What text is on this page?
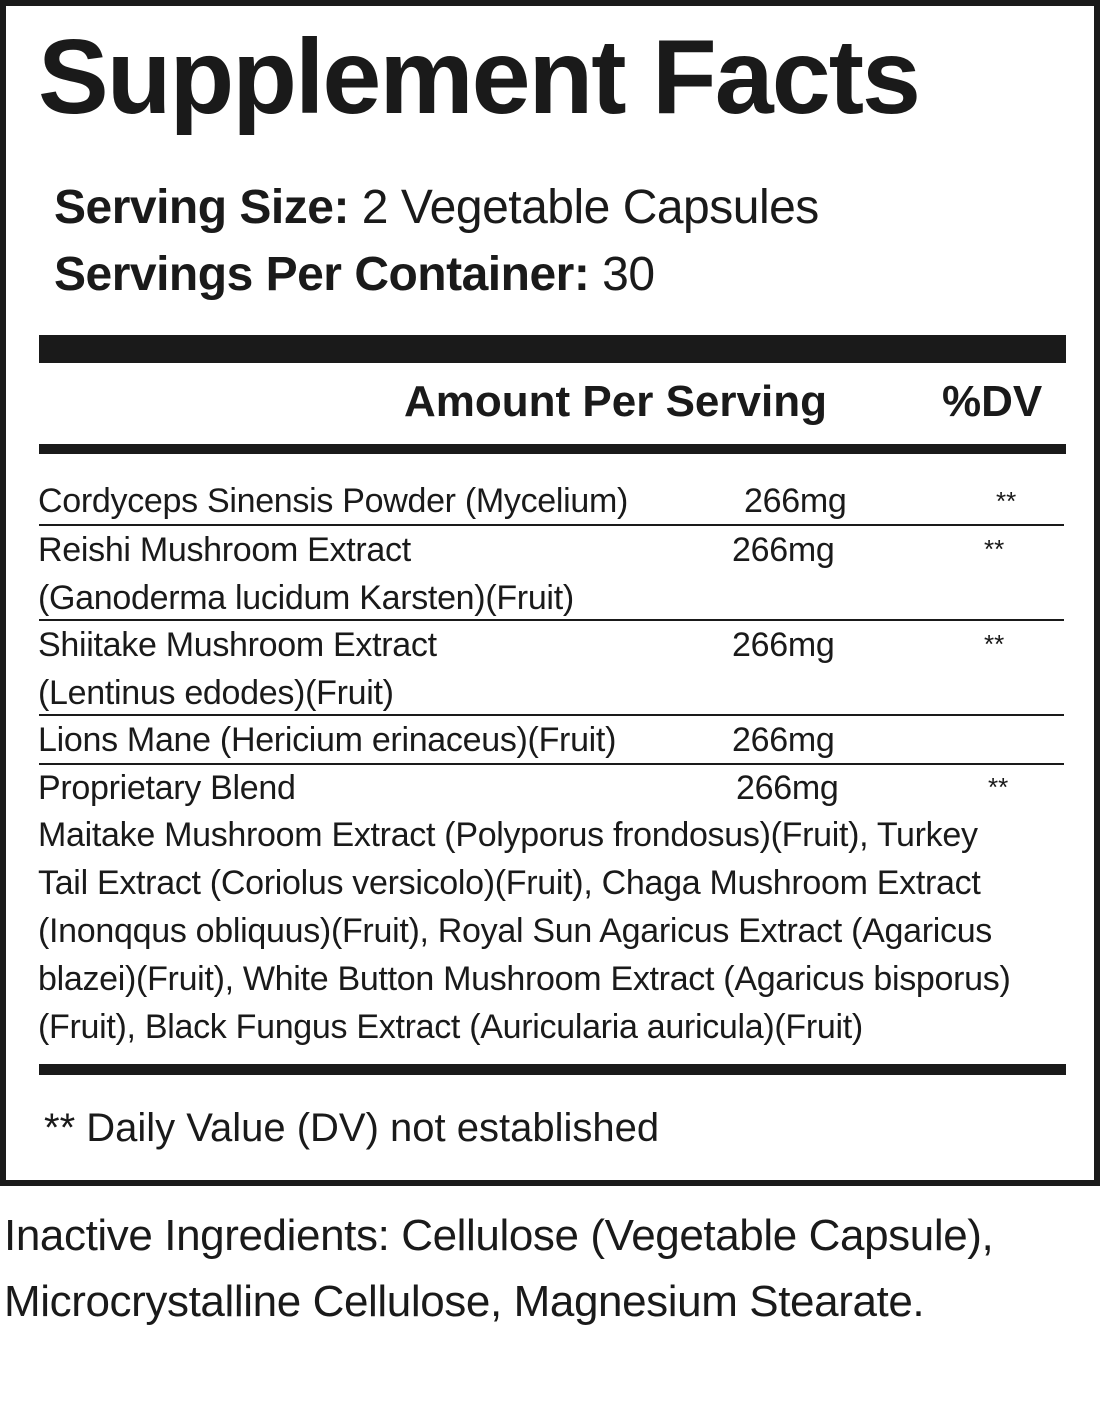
Supplement Facts
Serving Size: 2 Vegetable Capsules
Servings Per Container: 30
Amount Per Serving	%DV
Cordyceps Sinensis Powder (Mycelium)	266mg	**
Reishi Mushroom Extract
(Ganoderma lucidum Karsten)(Fruit)
266mg	**
Shiitake Mushroom Extract
(Lentinus edodes)(Fruit)
266mg	**
Lions Mane (Hericium erinaceus)(Fruit)	266mg
Proprietary Blend	266mg	**
Maitake Mushroom Extract (Polyporus frondosus)(Fruit), Turkey
Tail Extract (Coriolus versicolo)(Fruit), Chaga Mushroom Extract
(Inonqqus obliquus)(Fruit), Royal Sun Agaricus Extract (Agaricus
blazei)(Fruit), White Button Mushroom Extract (Agaricus bisporus)
(Fruit), Black Fungus Extract (Auricularia auricula)(Fruit)
** Daily Value (DV) not established
Inactive Ingredients: Cellulose (Vegetable Capsule),
Microcrystalline Cellulose, Magnesium Stearate.
